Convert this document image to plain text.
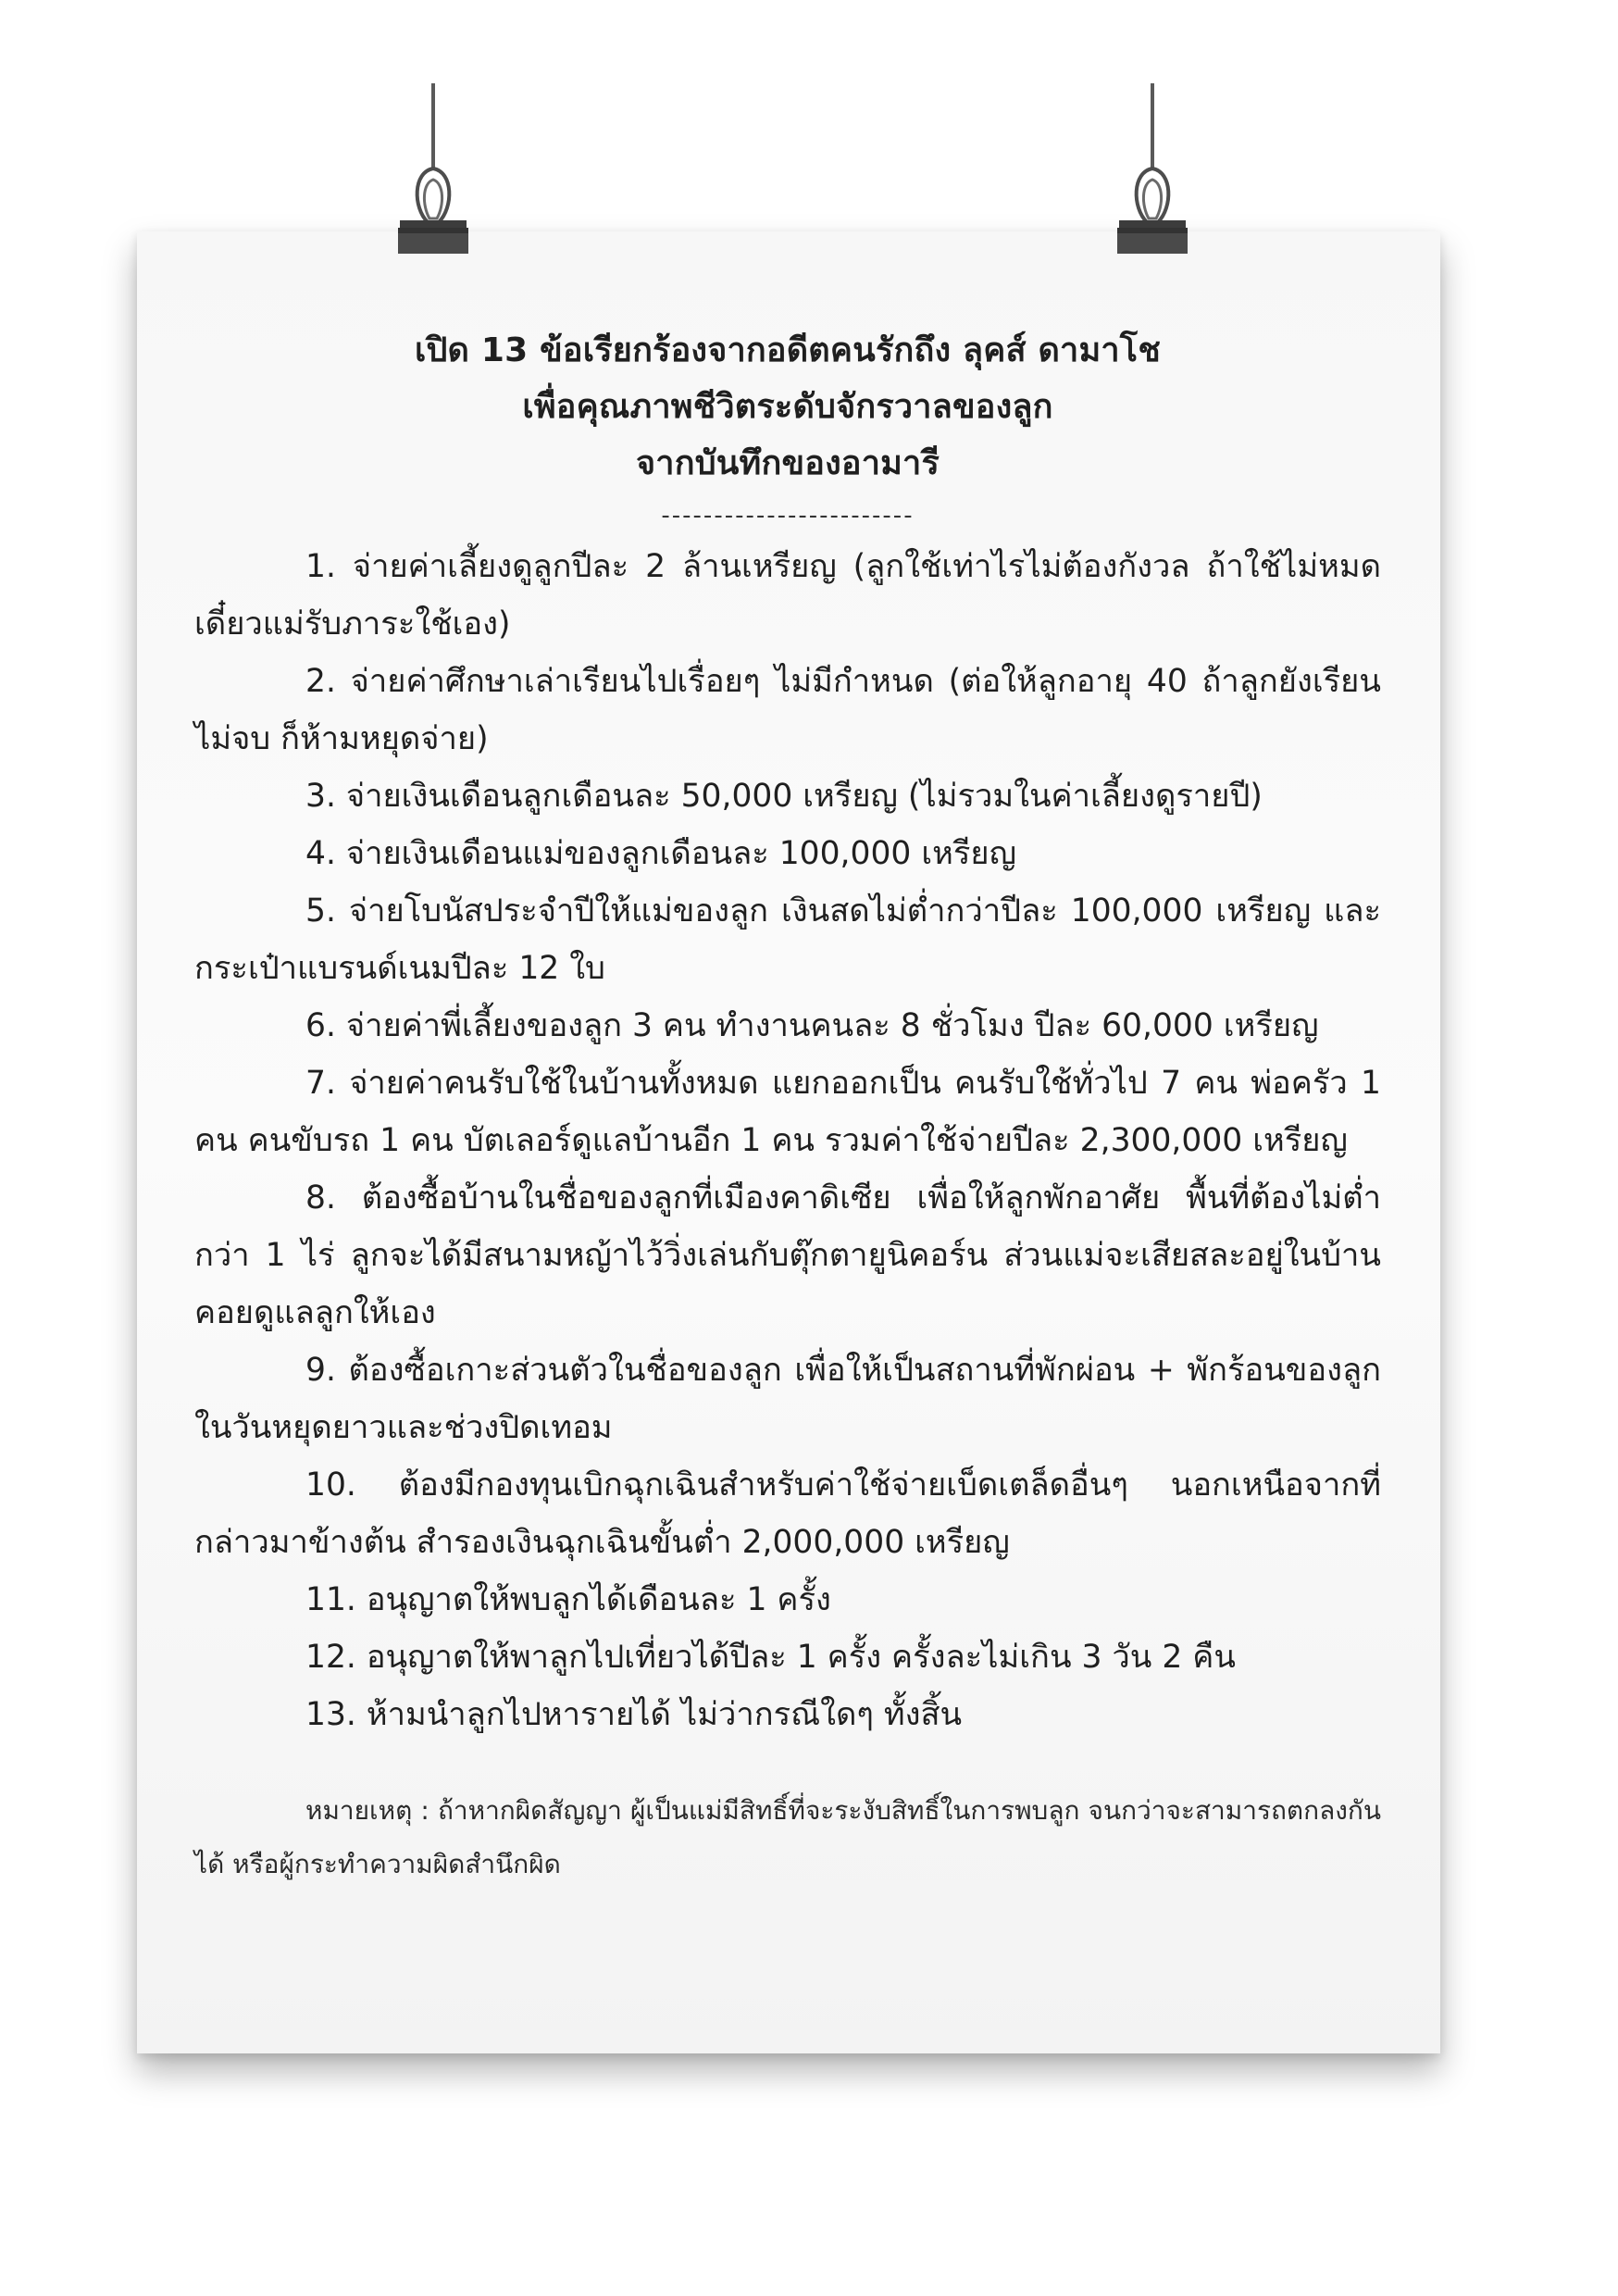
เปิด 13 ข้อเรียกร้องจากอดีตคนรักถึง ลุคส์ ดามาโช
เพื่อคุณภาพชีวิตระดับจักรวาลของลูก
จากบันทึกของอามารี
------------------------

1. จ่ายค่าเลี้ยงดูลูกปีละ 2 ล้านเหรียญ (ลูกใช้เท่าไรไม่ต้องกังวล ถ้าใช้ไม่หมด เดี๋ยวแม่รับภาระใช้เอง)

2. จ่ายค่าศึกษาเล่าเรียนไปเรื่อยๆ ไม่มีกำหนด (ต่อให้ลูกอายุ 40 ถ้าลูกยังเรียนไม่จบ ก็ห้ามหยุดจ่าย)

3. จ่ายเงินเดือนลูกเดือนละ 50,000 เหรียญ (ไม่รวมในค่าเลี้ยงดูรายปี)

4. จ่ายเงินเดือนแม่ของลูกเดือนละ 100,000 เหรียญ

5. จ่ายโบนัสประจำปีให้แม่ของลูก เงินสดไม่ต่ำกว่าปีละ 100,000 เหรียญ และกระเป๋าแบรนด์เนมปีละ 12 ใบ

6. จ่ายค่าพี่เลี้ยงของลูก 3 คน ทำงานคนละ 8 ชั่วโมง ปีละ 60,000 เหรียญ

7. จ่ายค่าคนรับใช้ในบ้านทั้งหมด แยกออกเป็น คนรับใช้ทั่วไป 7 คน พ่อครัว 1 คน คนขับรถ 1 คน บัตเลอร์ดูแลบ้านอีก 1 คน รวมค่าใช้จ่ายปีละ 2,300,000 เหรียญ

8. ต้องซื้อบ้านในชื่อของลูกที่เมืองคาดิเซีย เพื่อให้ลูกพักอาศัย พื้นที่ต้องไม่ต่ำกว่า 1 ไร่ ลูกจะได้มีสนามหญ้าไว้วิ่งเล่นกับตุ๊กตายูนิคอร์น ส่วนแม่จะเสียสละอยู่ในบ้านคอยดูแลลูกให้เอง

9. ต้องซื้อเกาะส่วนตัวในชื่อของลูก เพื่อให้เป็นสถานที่พักผ่อน + พักร้อนของลูกในวันหยุดยาวและช่วงปิดเทอม

10. ต้องมีกองทุนเบิกฉุกเฉินสำหรับค่าใช้จ่ายเบ็ดเตล็ดอื่นๆ นอกเหนือจากที่กล่าวมาข้างต้น สำรองเงินฉุกเฉินขั้นต่ำ 2,000,000 เหรียญ

11. อนุญาตให้พบลูกได้เดือนละ 1 ครั้ง

12. อนุญาตให้พาลูกไปเที่ยวได้ปีละ 1 ครั้ง ครั้งละไม่เกิน 3 วัน 2 คืน

13. ห้ามนำลูกไปหารายได้ ไม่ว่ากรณีใดๆ ทั้งสิ้น

หมายเหตุ : ถ้าหากผิดสัญญา ผู้เป็นแม่มีสิทธิ์ที่จะระงับสิทธิ์ในการพบลูก จนกว่าจะสามารถตกลงกันได้ หรือผู้กระทำความผิดสำนึกผิด
